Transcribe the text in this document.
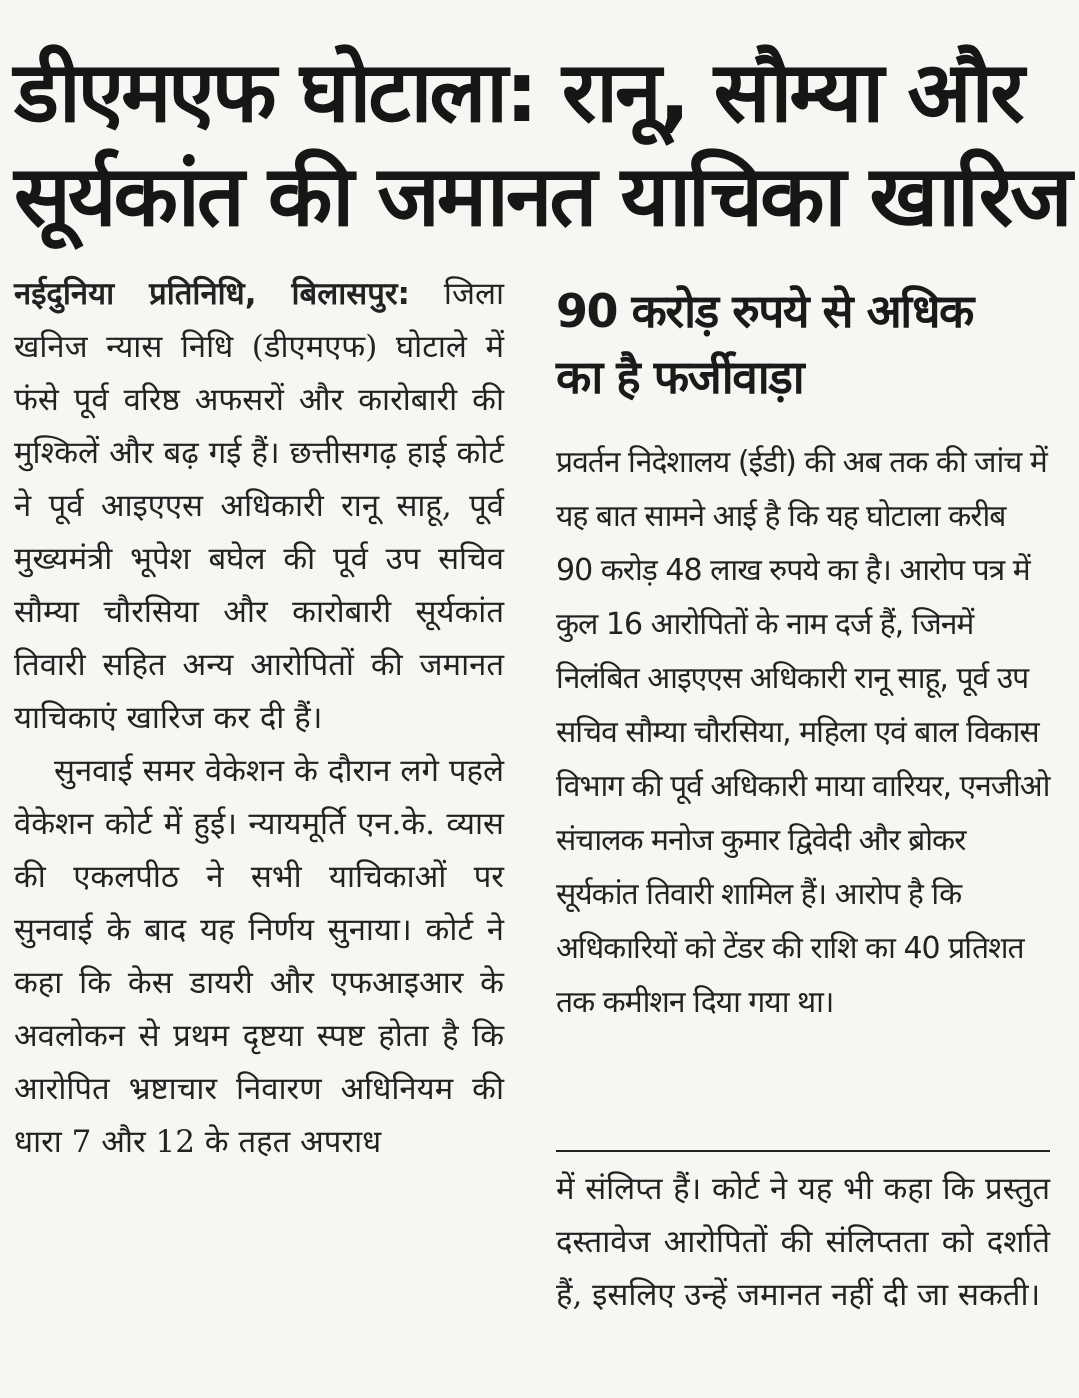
डीएमएफ घोटाला: रानू, सौम्या और
सूर्यकांत की जमानत याचिका खारिज

नईदुनिया प्रतिनिधि, बिलासपुर: जिला खनिज न्यास निधि (डीएमएफ) घोटाले में फंसे पूर्व वरिष्ठ अफसरों और कारोबारी की मुश्किलें और बढ़ गई हैं। छत्तीसगढ़ हाई कोर्ट ने पूर्व आइएएस अधिकारी रानू साहू, पूर्व मुख्यमंत्री भूपेश बघेल की पूर्व उप सचिव सौम्या चौरसिया और कारोबारी सूर्यकांत तिवारी सहित अन्य आरोपितों की जमानत याचिकाएं खारिज कर दी हैं।

सुनवाई समर वेकेशन के दौरान लगे पहले वेकेशन कोर्ट में हुई। न्यायमूर्ति एन.के. व्यास की एकलपीठ ने सभी याचिकाओं पर सुनवाई के बाद यह निर्णय सुनाया। कोर्ट ने कहा कि केस डायरी और एफआइआर के अवलोकन से प्रथम दृष्टया स्पष्ट होता है कि आरोपित भ्रष्टाचार निवारण अधिनियम की धारा 7 और 12 के तहत अपराध

90 करोड़ रुपये से अधिक
का है फर्जीवाड़ा

प्रवर्तन निदेशालय (ईडी) की अब तक की जांच में यह बात सामने आई है कि यह घोटाला करीब 90 करोड़ 48 लाख रुपये का है। आरोप पत्र में कुल 16 आरोपितों के नाम दर्ज हैं, जिनमें निलंबित आइएएस अधिकारी रानू साहू, पूर्व उप सचिव सौम्या चौरसिया, महिला एवं बाल विकास विभाग की पूर्व अधिकारी माया वारियर, एनजीओ संचालक मनोज कुमार द्विवेदी और ब्रोकर सूर्यकांत तिवारी शामिल हैं। आरोप है कि अधिकारियों को टेंडर की राशि का 40 प्रतिशत तक कमीशन दिया गया था।

में संलिप्त हैं। कोर्ट ने यह भी कहा कि प्रस्तुत दस्तावेज आरोपितों की संलिप्तता को दर्शाते हैं, इसलिए उन्हें जमानत नहीं दी जा सकती।
